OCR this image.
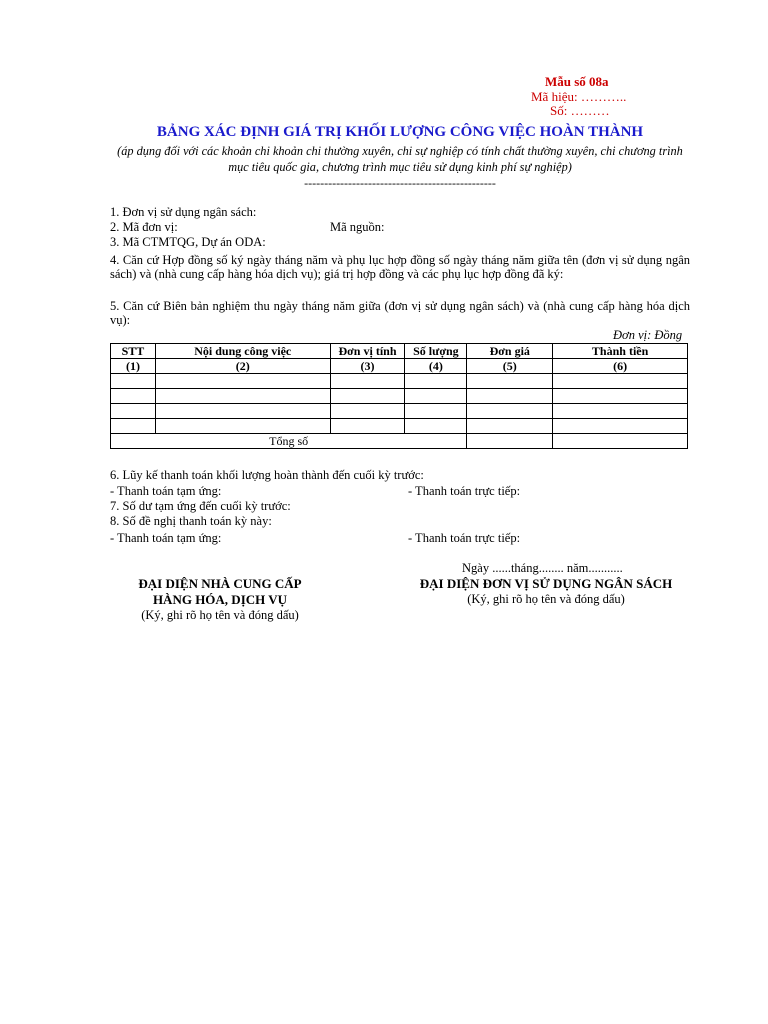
Mẫu số 08a
Mã hiệu: ………..
Số: ………
BẢNG XÁC ĐỊNH GIÁ TRỊ KHỐI LƯỢNG CÔNG VIỆC HOÀN THÀNH
(áp dụng đối với các khoản chi khoản chi thường xuyên, chi sự nghiệp có tính chất thường xuyên, chi chương trình mục tiêu quốc gia, chương trình mục tiêu sử dụng kinh phí sự nghiệp)
------------------------------------------------
1. Đơn vị sử dụng ngân sách:
2. Mã đơn vị:	Mã nguồn:
3. Mã CTMTQG, Dự án ODA:
4. Căn cứ Hợp đồng số ký ngày tháng năm và phụ lục hợp đồng số ngày tháng năm giữa tên (đơn vị sử dụng ngân sách) và (nhà cung cấp hàng hóa dịch vụ); giá trị hợp đồng và các phụ lục hợp đồng đã ký:
5. Căn cứ Biên bản nghiệm thu ngày tháng năm giữa (đơn vị sử dụng ngân sách) và (nhà cung cấp hàng hóa dịch vụ):
Đơn vị: Đồng
STT	Nội dung công việc	Đơn vị tính	Số lượng	Đơn giá	Thành tiền
(1)	(2)	(3)	(4)	(5)	(6)

Tổng số					
6. Lũy kế thanh toán khối lượng hoàn thành đến cuối kỳ trước:
- Thanh toán tạm ứng:	- Thanh toán trực tiếp:
7. Số dư tạm ứng đến cuối kỳ trước:
8. Số đề nghị thanh toán kỳ này:
- Thanh toán tạm ứng:	- Thanh toán trực tiếp:
Ngày ......tháng........ năm...........
ĐẠI DIỆN NHÀ CUNG CẤP
HÀNG HÓA, DỊCH VỤ
(Ký, ghi rõ họ tên và đóng dấu)
ĐẠI DIỆN ĐƠN VỊ SỬ DỤNG NGÂN SÁCH
(Ký, ghi rõ họ tên và đóng dấu)
